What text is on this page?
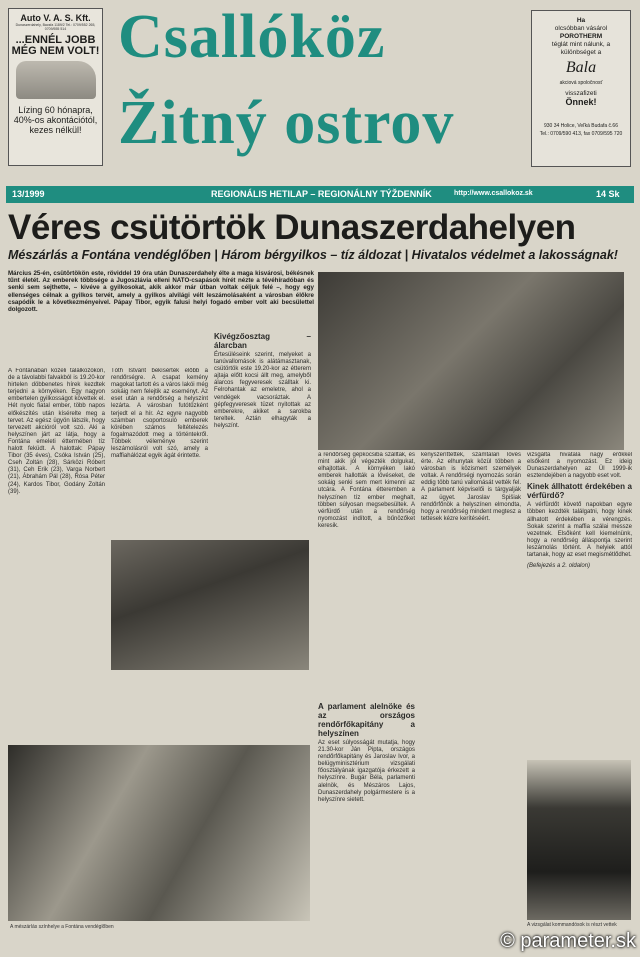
Auto V. A. S. Kft.
Dunaszerdahely, Bacsfa 1189/2 Tel.: 0709/552 265, 0709/555 514
...ENNÉL JOBB MÉG NEM VOLT!
Lízing 60 hónapra, 40%-os akontációtól, kezes nélkül!
Csallóköz
Žitný ostrov
Ha
olcsóbban vásárol
POROTHERM
téglát mint nálunk, a különbséget a
Bala
akciová spoločnosť
visszafizeti
Önnek!
930 34 Holice, Veľká Budafa č.66
Tel.: 0709/590 413, fax 0709/595 720
13/1999	REGIONÁLIS HETILAP – REGIONÁLNY TÝŽDENNÍK	http://www.csallokoz.sk	14 Sk
Véres csütörtök Dunaszerdahelyen
Mészárlás a Fontána vendéglőben | Három bérgyilkos – tíz áldozat | Hivatalos védelmet a lakosságnak!
Március 25-én, csütörtökön este, röviddel 19 óra után Dunaszerdahely élte a maga kisvárosi, békésnek tűnt életét. Az emberek többsége a Jugoszlávia elleni NATO-csapások hírét nézte a tévéhíradóban és senki sem sejthette, – kivéve a gyilkosokat, akik akkor már útban voltak céljuk felé –, hogy egy ellenséges célnak a gyilkos tervét, amely a gyilkos alvilági vélt leszámolásaként a városban élőkre csapódik le a következményeivel. Pápay Tibor, egyik falusi helyi fogadó ember volt aki becsülettel dolgozott.
A Fontánában közeli találkozókon, de a távolabbi falvakból is 19.20-kor hirtelen döbbenetes hírek kezdtek terjedni a környéken. Egy nagyon embertelen gyilkosságot követtek el. Hét nyolc fiatal ember, több napos előkészítés után kísérelte meg a tervet. Az egész ügyön látszik, hogy tervezett akcióról volt szó. Aki a helyszínen járt az látja, hogy a Fontána emeleti éttermében tíz halott feküdt. A halottak: Pápay Tibor (35 éves), Csóka István (25), Cseh Zoltán (28), Sárközi Róbert (31), Ceh Erik (23), Varga Norbert (21), Ábrahám Pál (28), Rósa Péter (24), Kardos Tibor, Godány Zoltán (39).
Tóth Istvánt bekísérték előbb a rendőrségre. A csapat kemény magokat tartott és a város lakói még sokáig nem felejtik az eseményt. Az eset után a rendőrség a helyszínt lezárta. A városban futótűzként terjedt el a hír. Az egyre nagyobb számban csoportosuló emberek körében számos feltételezés fogalmazódott meg a történtekről. Többek véleménye szerint leszámolásról volt szó, amely a maffiahálózat egyik ágát érintette.
Kivégzőosztag – álarcban
Értesüléseink szerint, melyeket a tanúvallomások is alátámasztanak, csütörtök este 19.20-kor az étterem ajtaja előtt kocsi állt meg, amelyből álarcos fegyveresek szálltak ki. Felrohantak az emeletre, ahol a vendégek vacsoráztak. A gépfegyveresek tüzet nyitottak az emberekre, akiket a sarokba tereltek. Aztán elhagyták a helyszínt.
A mészárlás színhelye a Fontána vendéglőben
a rendőrség gépkocsiba szálltak, és mint akik jól végezték dolgukat, elhajtottak. A környéken lakó emberek hallották a lövéseket, de sokáig senki sem mert kimenni az utcára. A Fontána étteremben a helyszínen tíz ember meghalt, többen súlyosan megsebesültek. A vérfürdő után a rendőrség nyomozást indított, a bűnözőket keresik.
A parlament alelnöke és az országos rendőrfőkapitány a helyszínen
Az eset súlyosságát mutatja, hogy 21.30-kor Ján Pipta, országos rendőrfőkapitány és Jaroslav Ivor, a belügyminisztérium vizsgálati főosztályának igazgatója érkezett a helyszínre. Bugár Béla, parlamenti alelnök, és Mészáros Lajos, Dunaszerdahely polgármestere is a helyszínre sietett.
kényszeríttettek, számtalan lövés érte. Az elhunytak közül többen a városban is közismert személyek voltak. A rendőrségi nyomozás során eddig több tanú vallomását vették fel. A parlament képviselői is tárgyalják az ügyet. Jaroslav Spišiak rendőrfőnök a helyszínen elmondta, hogy a rendőrség mindent megtesz a tettesek kézre kerítéséért.
vizsgálta hivatala nagy erőkkel elsőként a nyomozást. Ez ideig Dunaszerdahelyen az Ül 1999-ik esztendejében a nagyobb eset volt.
Kinek állhatott érdekében a vérfürdő?
A vérfürdőt követő napokban egyre többen kezdték találgatni, hogy kinek állhatott érdekében a vérengzés. Sokak szerint a maffia szálai messze vezetnek. Elsőként kell kiemelnünk, hogy a rendőrség álláspontja szerint leszámolás történt. A helyiek attól tartanak, hogy az eset megismétlődhet.
(Befejezés a 2. oldalon)
A vizsgálat kommandósok is részt vettek
© parameter.sk
